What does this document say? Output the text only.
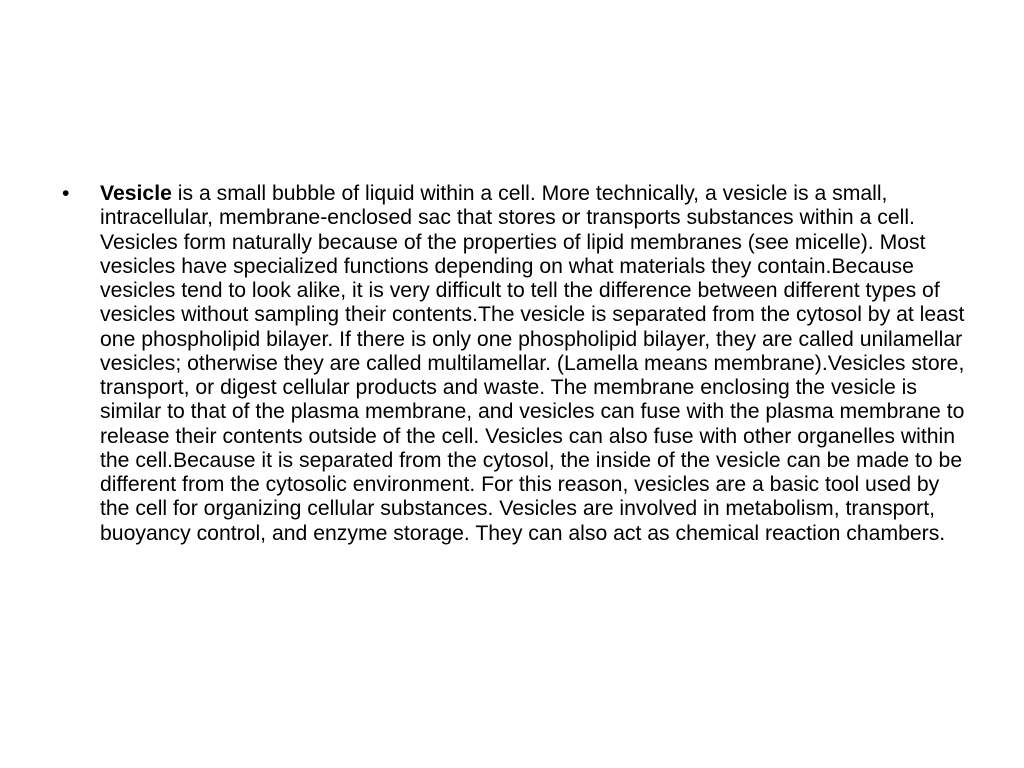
• Vesicle is a small bubble of liquid within a cell. More technically, a vesicle is a small, intracellular, membrane-enclosed sac that stores or transports substances within a cell. Vesicles form naturally because of the properties of lipid membranes (see micelle). Most vesicles have specialized functions depending on what materials they contain.Because vesicles tend to look alike, it is very difficult to tell the difference between different types of vesicles without sampling their contents.The vesicle is separated from the cytosol by at least one phospholipid bilayer. If there is only one phospholipid bilayer, they are called unilamellar vesicles; otherwise they are called multilamellar. (Lamella means membrane).Vesicles store, transport, or digest cellular products and waste. The membrane enclosing the vesicle is similar to that of the plasma membrane, and vesicles can fuse with the plasma membrane to release their contents outside of the cell. Vesicles can also fuse with other organelles within the cell.Because it is separated from the cytosol, the inside of the vesicle can be made to be different from the cytosolic environment. For this reason, vesicles are a basic tool used by the cell for organizing cellular substances. Vesicles are involved in metabolism, transport, buoyancy control, and enzyme storage. They can also act as chemical reaction chambers.
